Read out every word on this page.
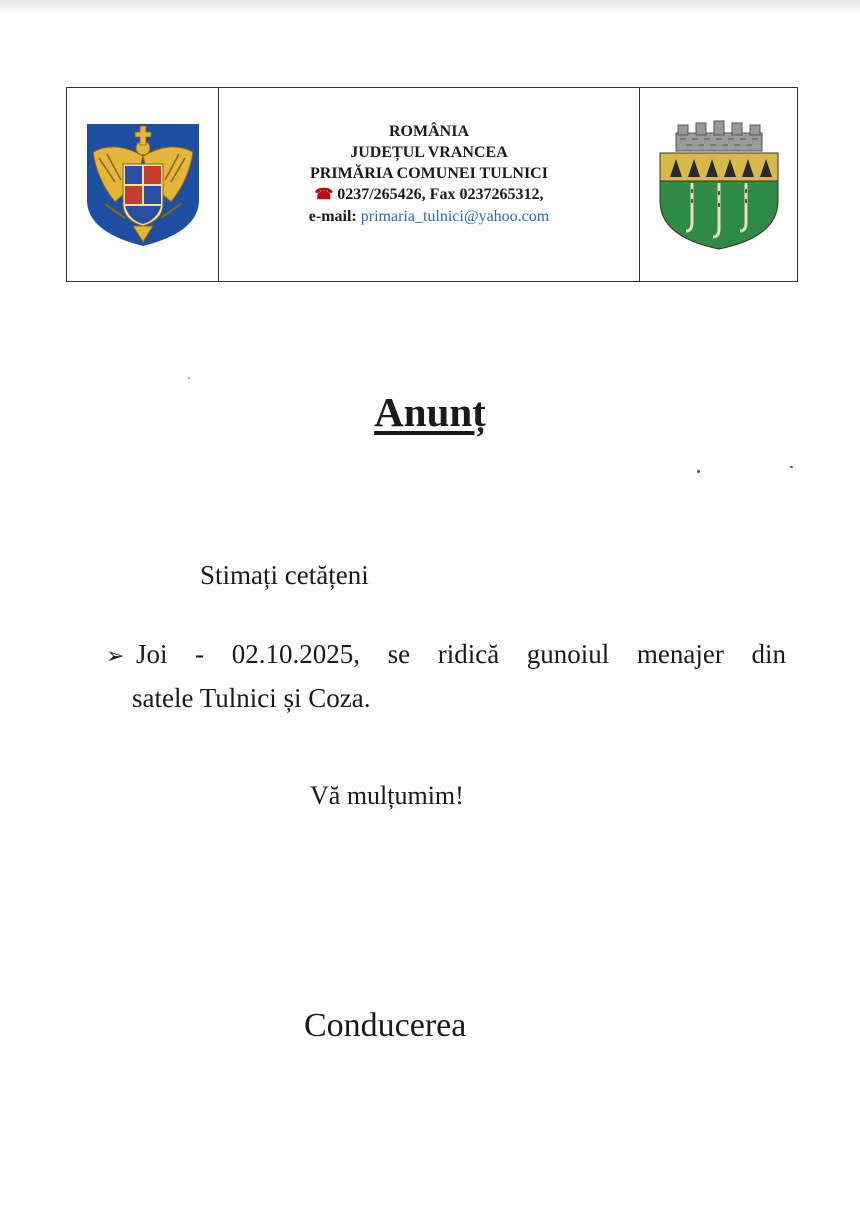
ROMÂNIA
JUDEȚUL VRANCEA
PRIMĂRIA COMUNEI TULNICI
☎ 0237/265426, Fax 0237265312,
e-mail: primaria_tulnici@yahoo.com
Anunț
Stimați cetățeni
➢ Joi - 02.10.2025, se ridică gunoiul menajer din
satele Tulnici și Coza.
Vă mulțumim!
Conducerea
